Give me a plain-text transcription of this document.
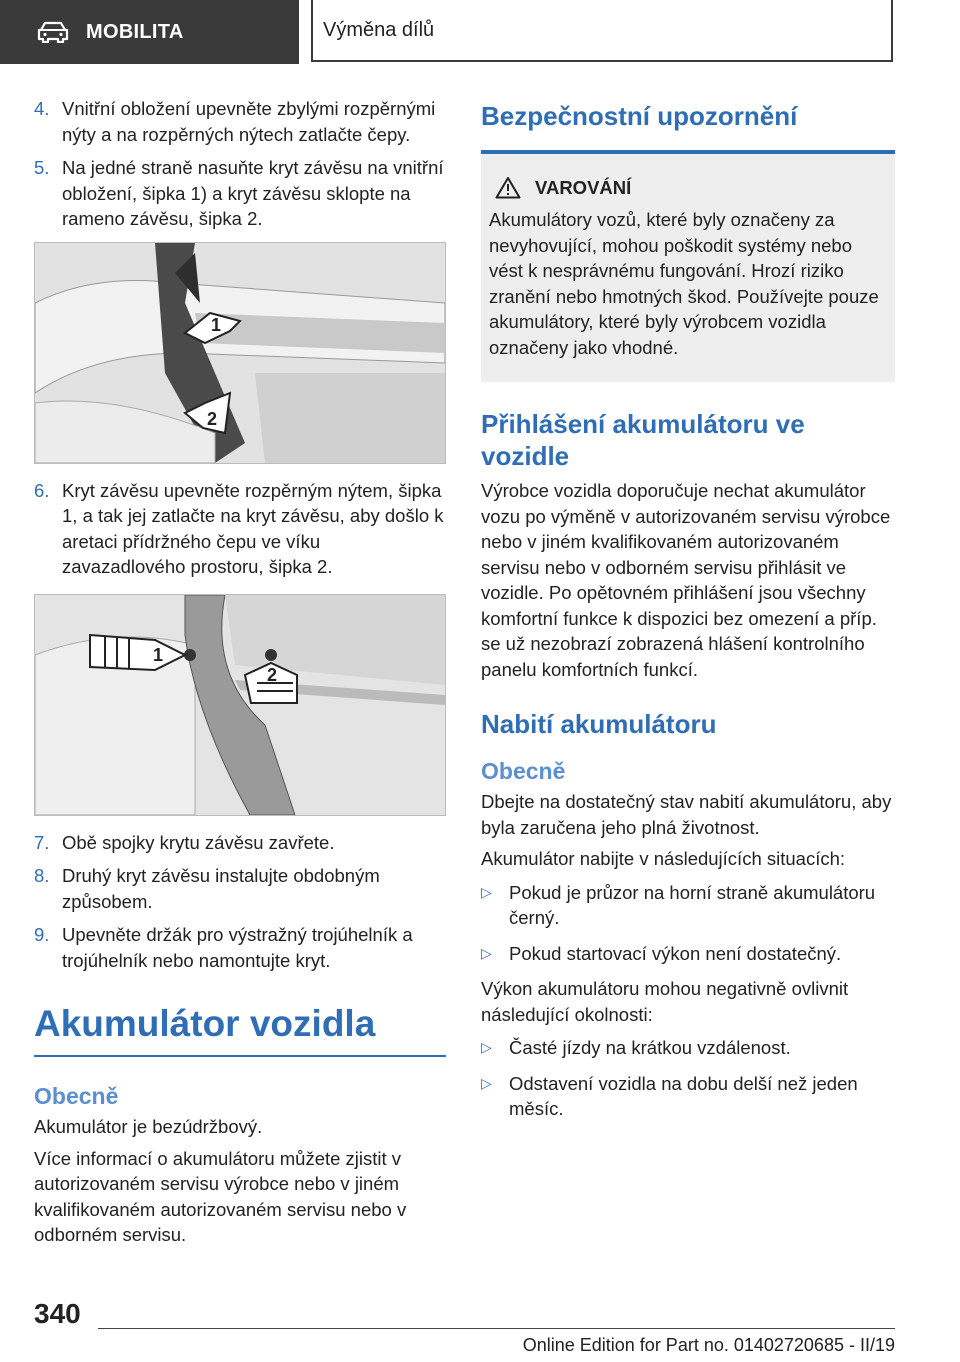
MOBILITA	Výměna dílů
4. Vnitřní obložení upevněte zbylými rozpěrnými nýty a na rozpěrných nýtech zatlačte čepy.
5. Na jedné straně nasuňte kryt závěsu na vnitřní obložení, šipka 1) a kryt závěsu sklopte na rameno závěsu, šipka 2.
1
2
6. Kryt závěsu upevněte rozpěrným nýtem, šipka 1, a tak jej zatlačte na kryt závěsu, aby došlo k aretaci přídržného čepu ve víku zavazadlového prostoru, šipka 2.
1
2
7. Obě spojky krytu závěsu zavřete.
8. Druhý kryt závěsu instalujte obdobným způsobem.
9. Upevněte držák pro výstražný trojúhelník a trojúhelník nebo namontujte kryt.
Akumulátor vozidla
Obecně

Akumulátor je bezúdržbový.

Více informací o akumulátoru můžete zjistit v autorizovaném servisu výrobce nebo v jiném kvalifikovaném autorizovaném servisu nebo v odborném servisu.

Bezpečnostní upozornění
VAROVÁNÍ

Akumulátory vozů, které byly označeny za nevyhovující, mohou poškodit systémy nebo vést k nesprávnému fungování. Hrozí riziko zranění nebo hmotných škod. Používejte pouze akumulátory, které byly výrobcem vozidla označeny jako vhodné.

Přihlášení akumulátoru ve vozidle

Výrobce vozidla doporučuje nechat akumulátor vozu po výměně v autorizovaném servisu výrobce nebo v jiném kvalifikovaném autorizovaném servisu nebo v odborném servisu přihlásit ve vozidle. Po opětovném přihlášení jsou všechny komfortní funkce k dispozici bez omezení a příp. se už nezobrazí zobrazená hlášení kontrolního panelu komfortních funkcí.

Nabití akumulátoru
Obecně

Dbejte na dostatečný stav nabití akumulátoru, aby byla zaručena jeho plná životnost.

Akumulátor nabijte v následujících situacích:

▷ Pokud je průzor na horní straně akumulátoru černý.
▷ Pokud startovací výkon není dostatečný.

Výkon akumulátoru mohou negativně ovlivnit následující okolnosti:

▷ Časté jízdy na krátkou vzdálenost.
▷ Odstavení vozidla na dobu delší než jeden měsíc.
340
Online Edition for Part no. 01402720685 - II/19
